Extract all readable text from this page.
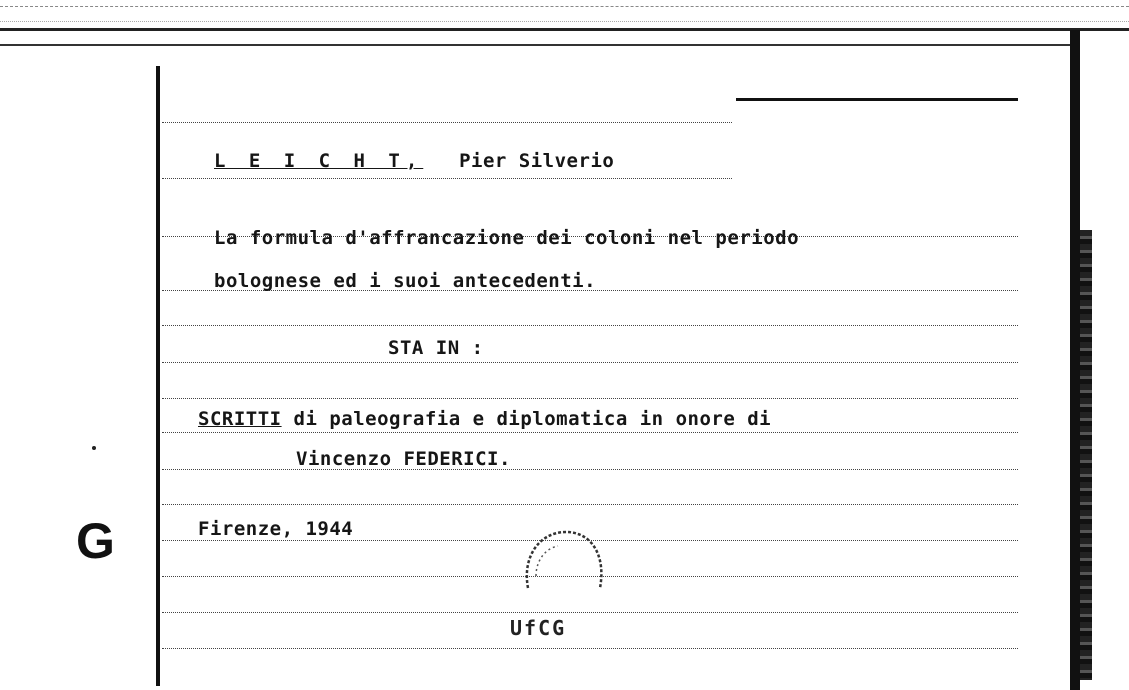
G
L E I C H T, Pier Silverio
La formula d'affrancazione dei coloni nel periodo
bolognese ed i suoi antecedenti.
STA IN :
SCRITTI di paleografia e diplomatica in onore di
Vincenzo FEDERICI.
Firenze, 1944
UfCG
